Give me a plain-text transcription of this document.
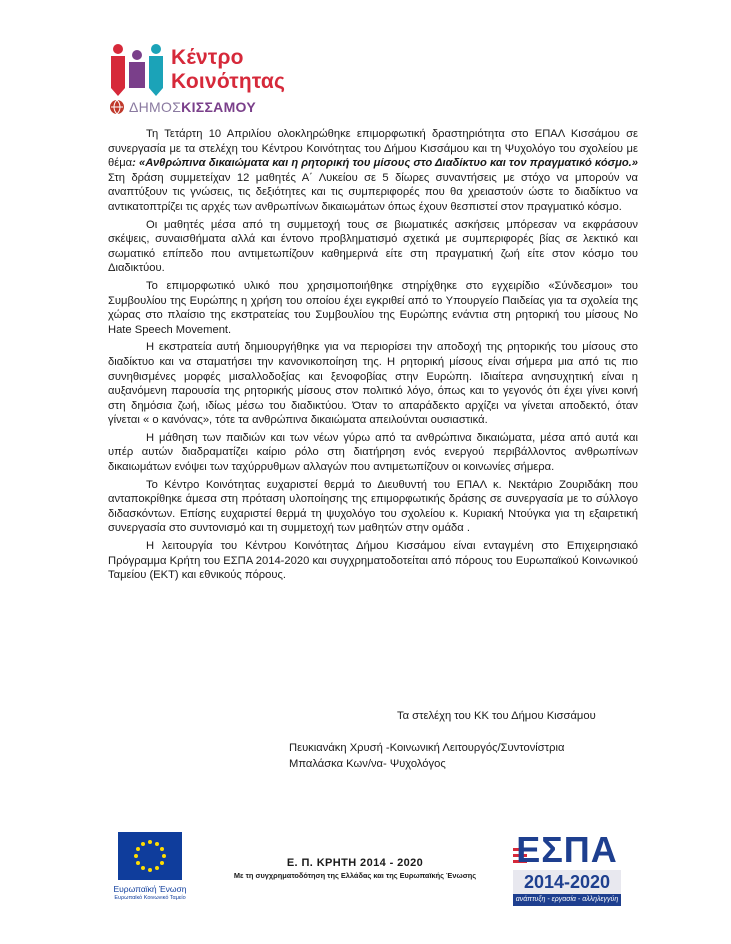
Κέντρο
Κοινότητας
ΔΗΜΟΣΚΙΣΣΑΜΟΥ

Τη Τετάρτη 10 Απριλίου ολοκληρώθηκε επιμορφωτική δραστηριότητα στο ΕΠΑΛ Κισσάμου σε συνεργασία με τα στελέχη του Κέντρου Κοινότητας του Δήμου Κισσάμου και τη Ψυχολόγο του σχολείου με θέμα: «Ανθρώπινα δικαιώματα και η ρητορική του μίσους στο Διαδίκτυο και τον πραγματικό κόσμο.» Στη δράση συμμετείχαν 12 μαθητές Α΄ Λυκείου σε 5 δίωρες συναντήσεις με στόχο να μπορούν να αναπτύξουν τις γνώσεις, τις δεξιότητες και τις συμπεριφορές που θα χρειαστούν ώστε το διαδίκτυο να αντικατοπτρίζει τις αρχές των ανθρωπίνων δικαιωμάτων όπως έχουν θεσπιστεί στον πραγματικό κόσμο.

Οι μαθητές μέσα από τη συμμετοχή τους σε βιωματικές ασκήσεις μπόρεσαν να εκφράσουν σκέψεις, συναισθήματα αλλά και έντονο προβληματισμό σχετικά με συμπεριφορές βίας σε λεκτικό και σωματικό επίπεδο που αντιμετωπίζουν καθημερινά είτε στη πραγματική ζωή είτε στον κόσμο του Διαδικτύου.

Το επιμορφωτικό υλικό που χρησιμοποιήθηκε στηρίχθηκε στο εγχειρίδιο «Σύνδεσμοι» του Συμβουλίου της Ευρώπης η χρήση του οποίου έχει εγκριθεί από το Υπουργείο Παιδείας για τα σχολεία της χώρας στο πλαίσιο της εκστρατείας του Συμβουλίου της Ευρώπης ενάντια στη ρητορική του μίσους No Hate Speech Movement.

Η εκστρατεία αυτή δημιουργήθηκε για να περιορίσει την αποδοχή της ρητορικής του μίσους στο διαδίκτυο και να σταματήσει την κανονικοποίηση της. Η ρητορική μίσους είναι σήμερα μια από τις πιο συνηθισμένες μορφές μισαλλοδοξίας και ξενοφοβίας στην Ευρώπη. Ιδιαίτερα ανησυχητική είναι η αυξανόμενη παρουσία της ρητορικής μίσους στον πολιτικό λόγο, όπως και το γεγονός ότι έχει γίνει κοινή στη δημόσια ζωή, ιδίως μέσω του διαδικτύου. Όταν το απαράδεκτο αρχίζει να γίνεται αποδεκτό, όταν γίνεται « ο κανόνας», τότε τα ανθρώπινα δικαιώματα απειλούνται ουσιαστικά.

Η μάθηση των παιδιών και των νέων γύρω από τα ανθρώπινα δικαιώματα, μέσα από αυτά και υπέρ αυτών διαδραματίζει καίριο ρόλο στη διατήρηση ενός ενεργού περιβάλλοντος ανθρωπίνων δικαιωμάτων ενόψει των ταχύρρυθμων αλλαγών που αντιμετωπίζουν οι κοινωνίες σήμερα.

Το Κέντρο Κοινότητας ευχαριστεί θερμά το Διευθυντή του ΕΠΑΛ κ. Νεκτάριο Ζουριδάκη που ανταποκρίθηκε άμεσα στη πρόταση υλοποίησης της επιμορφωτικής δράσης σε συνεργασία με το σύλλογο διδασκόντων. Επίσης ευχαριστεί θερμά τη ψυχολόγο του σχολείου κ. Κυριακή Ντούγκα για τη εξαιρετική συνεργασία στο συντονισμό και τη συμμετοχή των μαθητών στην ομάδα .

Η λειτουργία του Κέντρου Κοινότητας Δήμου Κισσάμου είναι ενταγμένη στο Επιχειρησιακό Πρόγραμμα Κρήτη του ΕΣΠΑ 2014-2020 και συγχρηματοδοτείται από πόρους του Ευρωπαϊκού Κοινωνικού Ταμείου (ΕΚΤ) και εθνικούς πόρους.

Τα στελέχη του ΚΚ του Δήμου Κισσάμου
Πευκιανάκη Χρυσή -Κοινωνική Λειτουργός/Συντονίστρια
Μπαλάσκα Κων/να- Ψυχολόγος
Ευρωπαϊκή Ένωση
Ευρωπαϊκό Κοινωνικό Ταμείο
Ε. Π. ΚΡΗΤΗ 2014 - 2020
Με τη συγχρηματοδότηση της Ελλάδας και της Ευρωπαϊκής Ένωσης
ΕΣΠΑ
2014-2020
ανάπτυξη - εργασία - αλληλεγγύη
